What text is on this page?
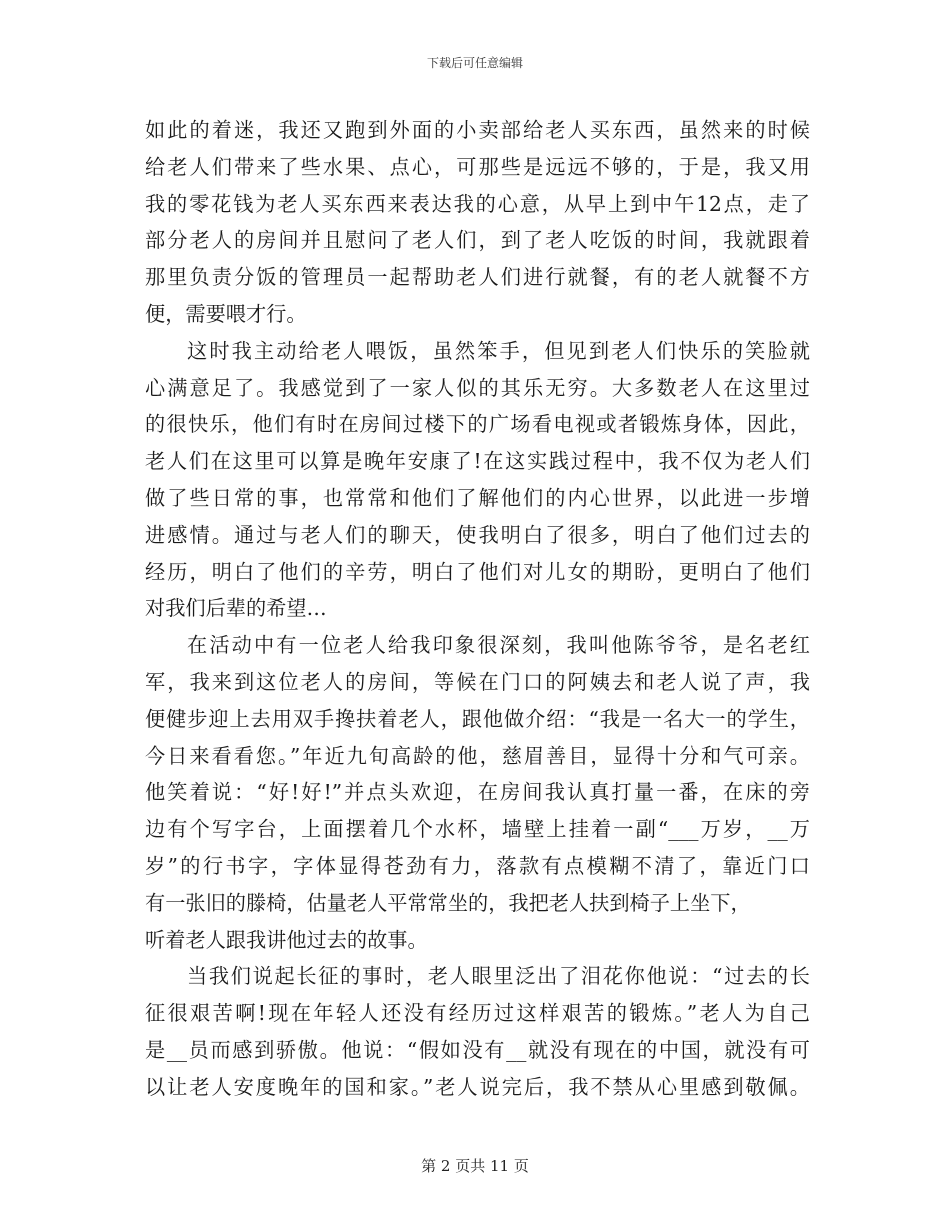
下载后可任意编辑
如此的着迷，我还又跑到外面的小卖部给老人买东西，虽然来的时候
给老人们带来了些水果、点心，可那些是远远不够的，于是，我又用
我的零花钱为老人买东西来表达我的心意，从早上到中午12点，走了
部分老人的房间并且慰问了老人们，到了老人吃饭的时间，我就跟着
那里负责分饭的管理员一起帮助老人们进行就餐，有的老人就餐不方
便，需要喂才行。
这时我主动给老人喂饭，虽然笨手，但见到老人们快乐的笑脸就
心满意足了。我感觉到了一家人似的其乐无穷。大多数老人在这里过
的很快乐，他们有时在房间过楼下的广场看电视或者锻炼身体，因此，
老人们在这里可以算是晚年安康了!在这实践过程中，我不仅为老人们
做了些日常的事，也常常和他们了解他们的内心世界，以此进一步增
进感情。通过与老人们的聊天，使我明白了很多，明白了他们过去的
经历，明白了他们的辛劳，明白了他们对儿女的期盼，更明白了他们
对我们后辈的希望…
在活动中有一位老人给我印象很深刻，我叫他陈爷爷，是名老红
军，我来到这位老人的房间，等候在门口的阿姨去和老人说了声，我
便健步迎上去用双手搀扶着老人，跟他做介绍：“我是一名大一的学生，
今日来看看您。”年近九旬高龄的他，慈眉善目，显得十分和气可亲。
他笑着说：“好!好!”并点头欢迎，在房间我认真打量一番，在床的旁
边有个写字台，上面摆着几个水杯，墙壁上挂着一副“___万岁，__万
岁”的行书字，字体显得苍劲有力，落款有点模糊不清了，靠近门口
有一张旧的滕椅，估量老人平常常坐的，我把老人扶到椅子上坐下，
听着老人跟我讲他过去的故事。
当我们说起长征的事时，老人眼里泛出了泪花你他说：“过去的长
征很艰苦啊!现在年轻人还没有经历过这样艰苦的锻炼。”老人为自己
是__员而感到骄傲。他说：“假如没有__就没有现在的中国，就没有可
以让老人安度晚年的国和家。”老人说完后，我不禁从心里感到敬佩。
第 2 页共 11 页
